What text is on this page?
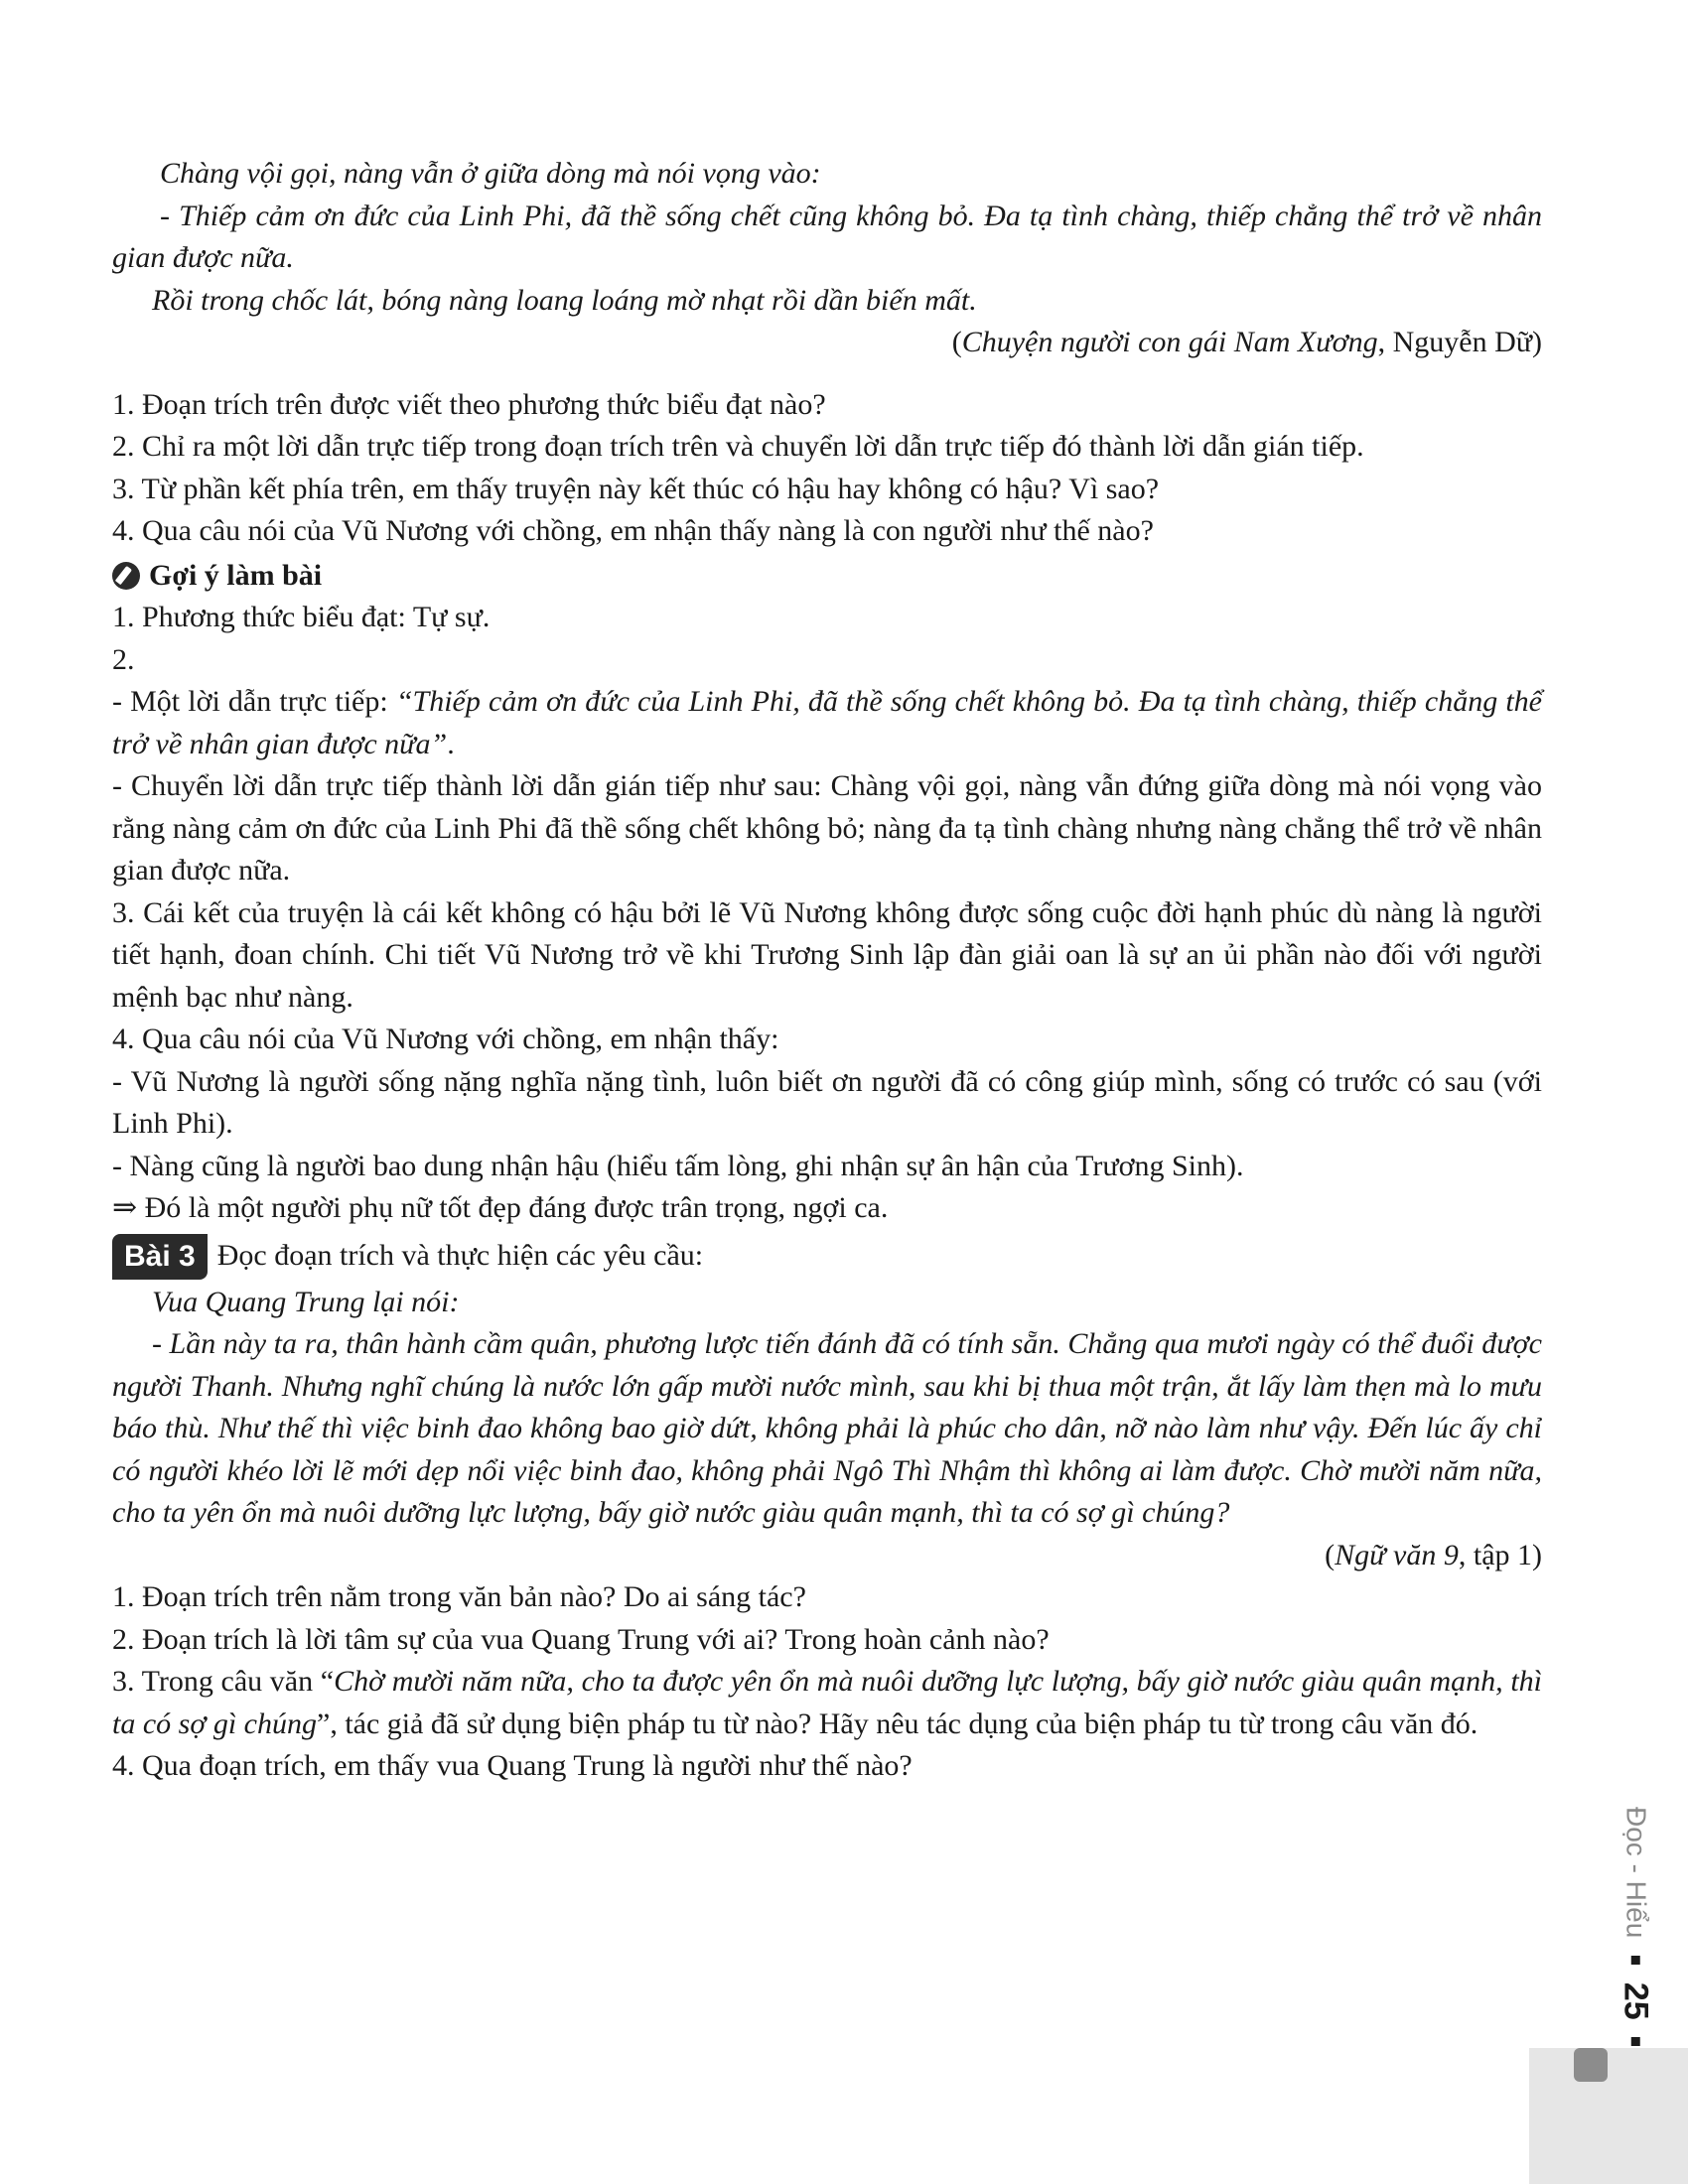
Chàng vội gọi, nàng vẫn ở giữa dòng mà nói vọng vào:

- Thiếp cảm ơn đức của Linh Phi, đã thề sống chết cũng không bỏ. Đa tạ tình chàng, thiếp chẳng thể trở về nhân gian được nữa.

Rồi trong chốc lát, bóng nàng loang loáng mờ nhạt rồi dần biến mất.

(Chuyện người con gái Nam Xương, Nguyễn Dữ)

1. Đoạn trích trên được viết theo phương thức biểu đạt nào?

2. Chỉ ra một lời dẫn trực tiếp trong đoạn trích trên và chuyển lời dẫn trực tiếp đó thành lời dẫn gián tiếp.

3. Từ phần kết phía trên, em thấy truyện này kết thúc có hậu hay không có hậu? Vì sao?

4. Qua câu nói của Vũ Nương với chồng, em nhận thấy nàng là con người như thế nào?

Gợi ý làm bài

1. Phương thức biểu đạt: Tự sự.

2.

- Một lời dẫn trực tiếp: “Thiếp cảm ơn đức của Linh Phi, đã thề sống chết không bỏ. Đa tạ tình chàng, thiếp chẳng thể trở về nhân gian được nữa”.

- Chuyển lời dẫn trực tiếp thành lời dẫn gián tiếp như sau: Chàng vội gọi, nàng vẫn đứng giữa dòng mà nói vọng vào rằng nàng cảm ơn đức của Linh Phi đã thề sống chết không bỏ; nàng đa tạ tình chàng nhưng nàng chẳng thể trở về nhân gian được nữa.

3. Cái kết của truyện là cái kết không có hậu bởi lẽ Vũ Nương không được sống cuộc đời hạnh phúc dù nàng là người tiết hạnh, đoan chính. Chi tiết Vũ Nương trở về khi Trương Sinh lập đàn giải oan là sự an ủi phần nào đối với người mệnh bạc như nàng.

4. Qua câu nói của Vũ Nương với chồng, em nhận thấy:

- Vũ Nương là người sống nặng nghĩa nặng tình, luôn biết ơn người đã có công giúp mình, sống có trước có sau (với Linh Phi).

- Nàng cũng là người bao dung nhận hậu (hiểu tấm lòng, ghi nhận sự ân hận của Trương Sinh).

⇒ Đó là một người phụ nữ tốt đẹp đáng được trân trọng, ngợi ca.

Bài 3 Đọc đoạn trích và thực hiện các yêu cầu:

Vua Quang Trung lại nói:

- Lần này ta ra, thân hành cầm quân, phương lược tiến đánh đã có tính sẵn. Chẳng qua mươi ngày có thể đuổi được người Thanh. Nhưng nghĩ chúng là nước lớn gấp mười nước mình, sau khi bị thua một trận, ắt lấy làm thẹn mà lo mưu báo thù. Như thế thì việc binh đao không bao giờ dứt, không phải là phúc cho dân, nỡ nào làm như vậy. Đến lúc ấy chỉ có người khéo lời lẽ mới dẹp nổi việc binh đao, không phải Ngô Thì Nhậm thì không ai làm được. Chờ mười năm nữa, cho ta yên ổn mà nuôi dưỡng lực lượng, bấy giờ nước giàu quân mạnh, thì ta có sợ gì chúng?

(Ngữ văn 9, tập 1)

1. Đoạn trích trên nằm trong văn bản nào? Do ai sáng tác?

2. Đoạn trích là lời tâm sự của vua Quang Trung với ai? Trong hoàn cảnh nào?

3. Trong câu văn “Chờ mười năm nữa, cho ta được yên ổn mà nuôi dưỡng lực lượng, bấy giờ nước giàu quân mạnh, thì ta có sợ gì chúng”, tác giả đã sử dụng biện pháp tu từ nào? Hãy nêu tác dụng của biện pháp tu từ trong câu văn đó.

4. Qua đoạn trích, em thấy vua Quang Trung là người như thế nào?

Đọc - Hiểu  25
